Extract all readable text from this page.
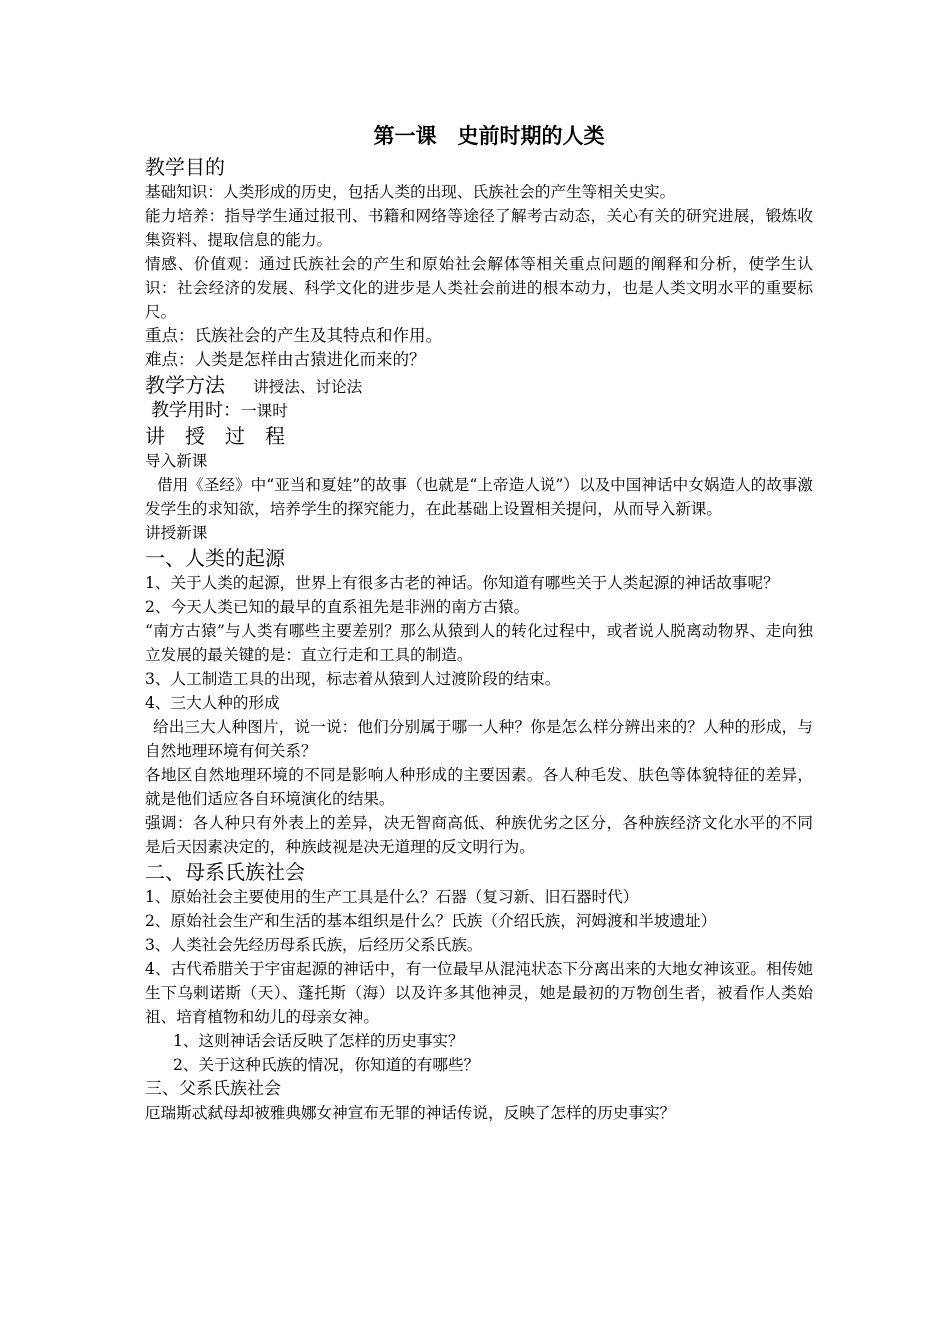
第一课　史前时期的人类

教学目的

基础知识：人类形成的历史，包括人类的出现、氏族社会的产生等相关史实。

能力培养：指导学生通过报刊、书籍和网络等途径了解考古动态，关心有关的研究进展，锻炼收集资料、提取信息的能力。

情感、价值观：通过氏族社会的产生和原始社会解体等相关重点问题的阐释和分析，使学生认识：社会经济的发展、科学文化的进步是人类社会前进的根本动力，也是人类文明水平的重要标尺。

重点：氏族社会的产生及其特点和作用。

难点：人类是怎样由古猿进化而来的？

教学方法 讲授法、讨论法

教学用时：一课时

讲　授　过　程

导入新课

借用《圣经》中“亚当和夏娃”的故事（也就是“上帝造人说”）以及中国神话中女娲造人的故事激发学生的求知欲，培养学生的探究能力，在此基础上设置相关提问，从而导入新课。

讲授新课

一、人类的起源

1、关于人类的起源，世界上有很多古老的神话。你知道有哪些关于人类起源的神话故事呢？

2、今天人类已知的最早的直系祖先是非洲的南方古猿。

“南方古猿”与人类有哪些主要差别？那么从猿到人的转化过程中，或者说人脱离动物界、走向独立发展的最关键的是：直立行走和工具的制造。

3、人工制造工具的出现，标志着从猿到人过渡阶段的结束。

4、三大人种的形成

给出三大人种图片，说一说：他们分别属于哪一人种？你是怎么样分辨出来的？人种的形成，与自然地理环境有何关系？

各地区自然地理环境的不同是影响人种形成的主要因素。各人种毛发、肤色等体貌特征的差异，就是他们适应各自环境演化的结果。

强调：各人种只有外表上的差异，决无智商高低、种族优劣之区分，各种族经济文化水平的不同是后天因素决定的，种族歧视是决无道理的反文明行为。

二、母系氏族社会

1、原始社会主要使用的生产工具是什么？石器（复习新、旧石器时代）

2、原始社会生产和生活的基本组织是什么？氏族（介绍氏族，河姆渡和半坡遗址）

3、人类社会先经历母系氏族，后经历父系氏族。

4、古代希腊关于宇宙起源的神话中，有一位最早从混沌状态下分离出来的大地女神该亚。相传她生下乌剌诺斯（天）、蓬托斯（海）以及许多其他神灵，她是最初的万物创生者，被看作人类始祖、培育植物和幼儿的母亲女神。

1、这则神话会话反映了怎样的历史事实？

2、关于这种氏族的情况，你知道的有哪些？

三、父系氏族社会

厄瑞斯忒弑母却被雅典娜女神宣布无罪的神话传说，反映了怎样的历史事实？
